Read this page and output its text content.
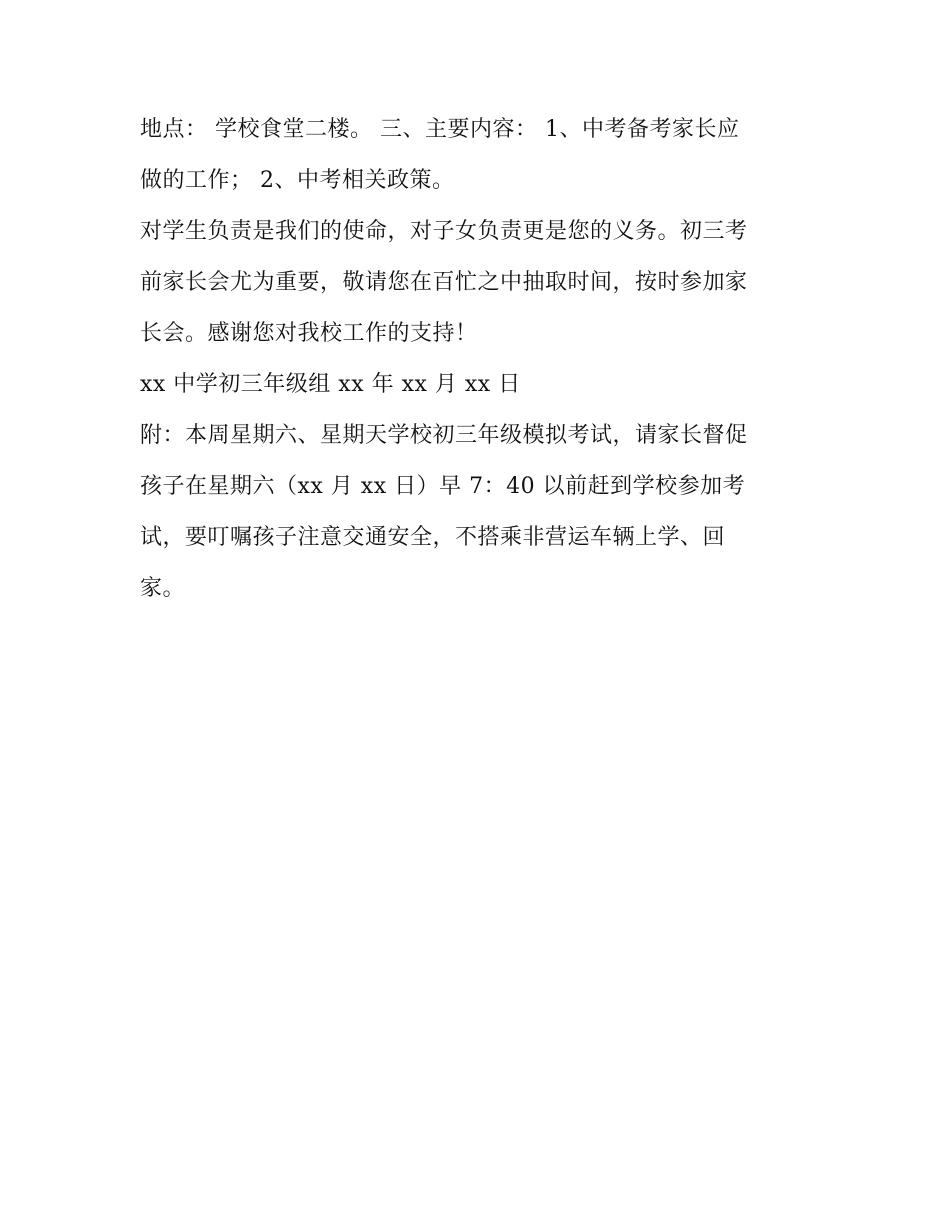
地点： 学校食堂二楼。 三、主要内容： 1、中考备考家长应
做的工作； 2、中考相关政策。
对学生负责是我们的使命，对子女负责更是您的义务。初三考
前家长会尤为重要，敬请您在百忙之中抽取时间，按时参加家
长会。感谢您对我校工作的支持！
xx 中学初三年级组 xx 年 xx 月 xx 日
附：本周星期六、星期天学校初三年级模拟考试，请家长督促
孩子在星期六（xx 月 xx 日）早 7：40 以前赶到学校参加考
试，要叮嘱孩子注意交通安全，不搭乘非营运车辆上学、回
家。
